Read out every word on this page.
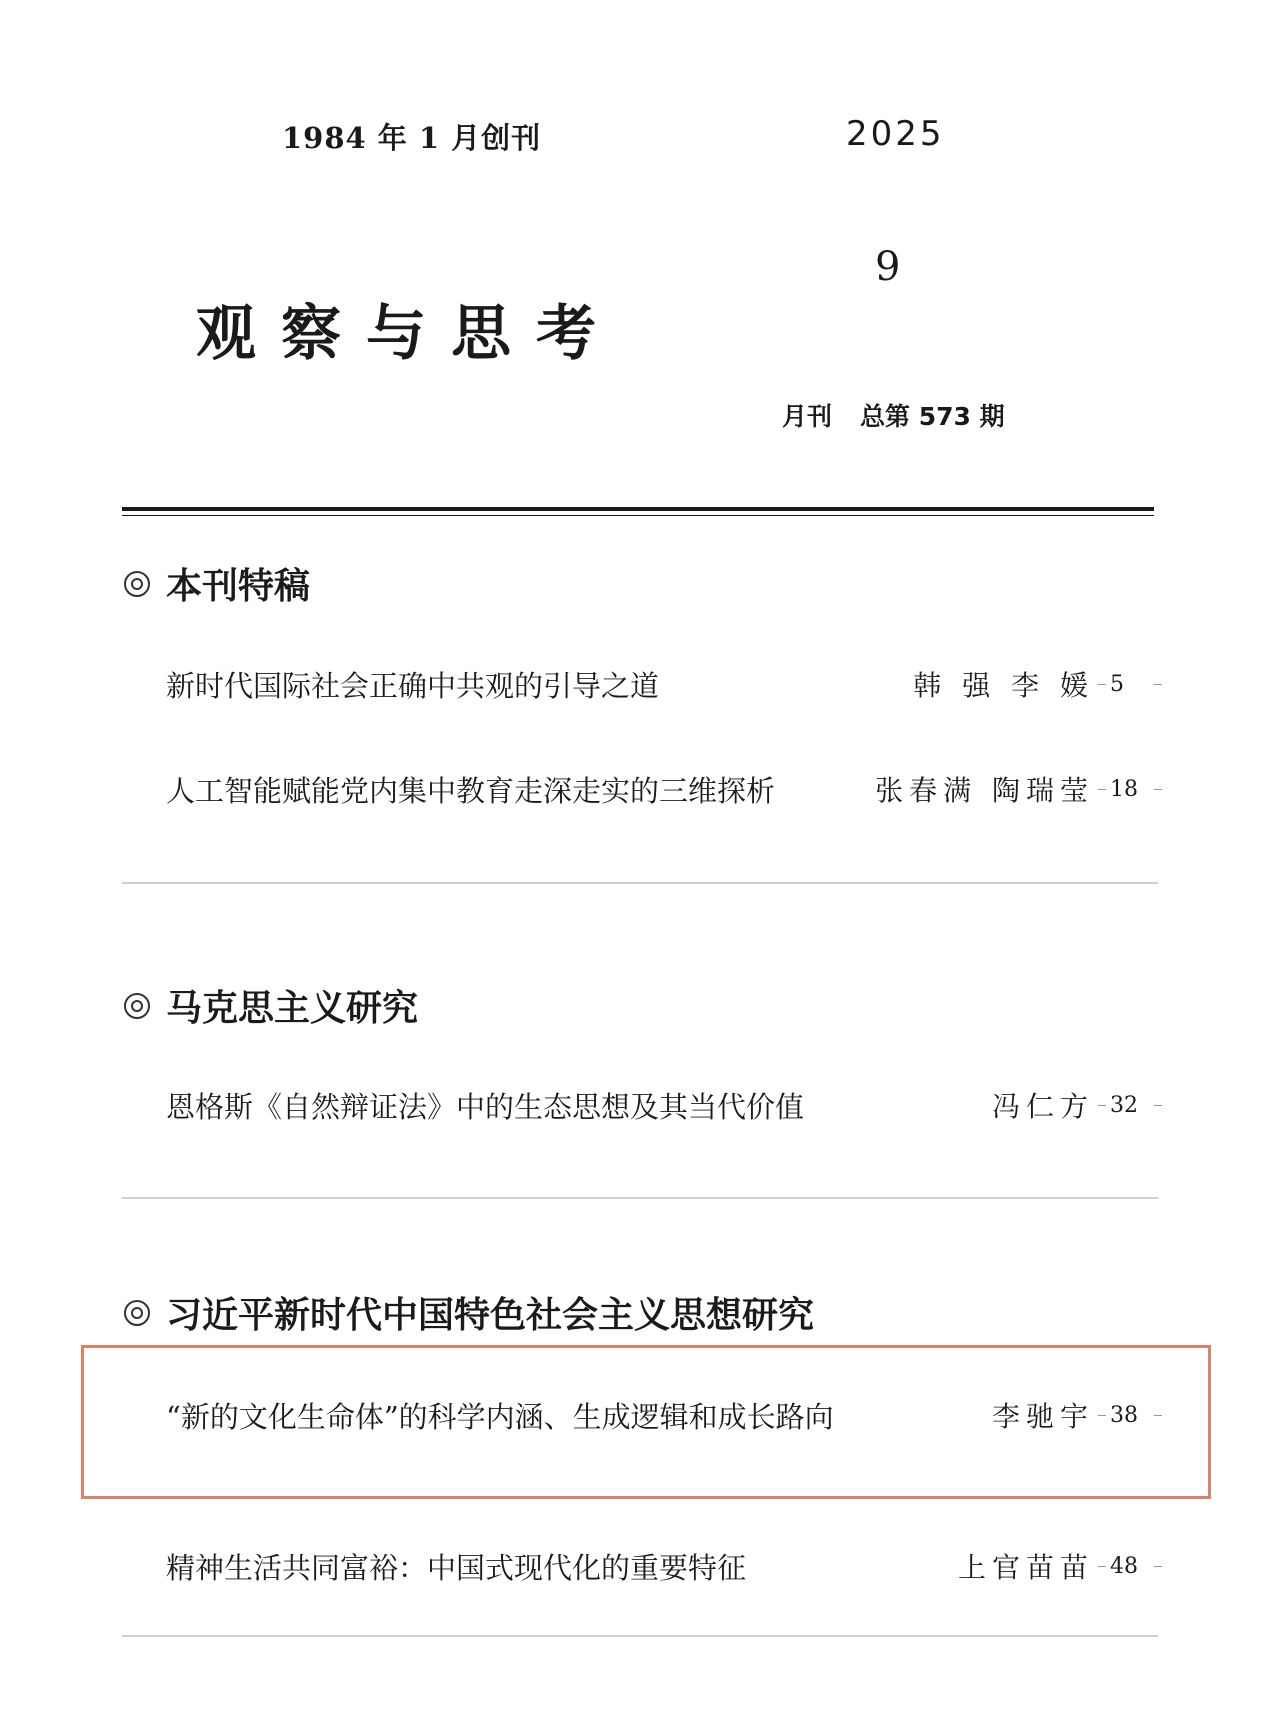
1984 年 1 月创刊	2025
9
观察与思考
月刊 总第 573 期
本刊特稿
新时代国际社会正确中共观的引导之道	韩 强 李 媛 5
人工智能赋能党内集中教育走深走实的三维探析	张春满 陶瑞莹 18
马克思主义研究
恩格斯《自然辩证法》中的生态思想及其当代价值	冯仁方 32
习近平新时代中国特色社会主义思想研究
“新的文化生命体”的科学内涵、生成逻辑和成长路向	李驰宇 38
精神生活共同富裕：中国式现代化的重要特征	上官苗苗 48
